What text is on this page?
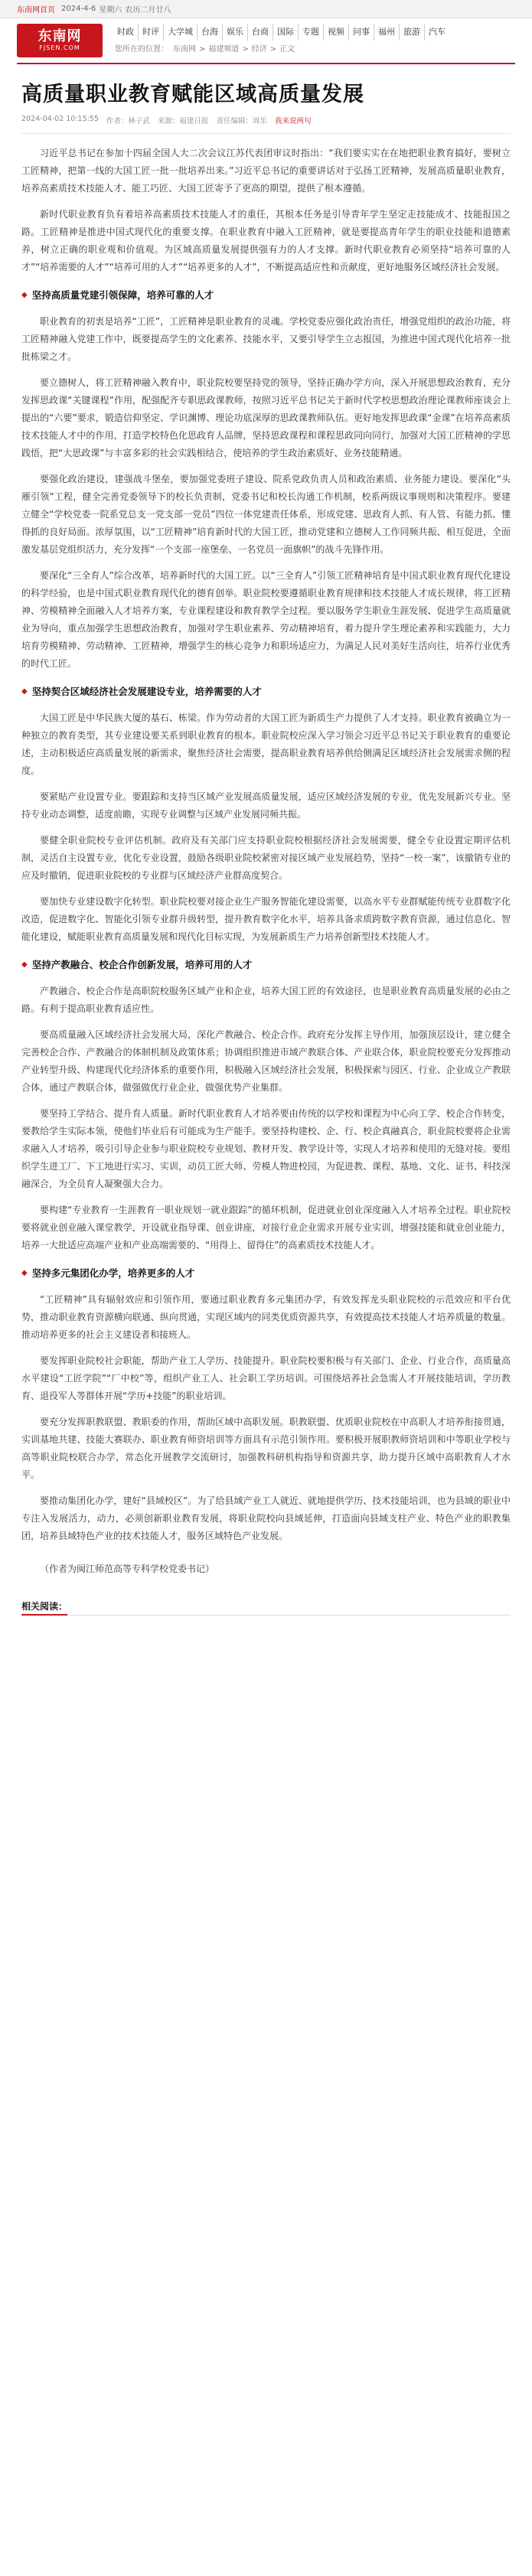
东南网首页 2024-4-6 星期六 农历二月廿八
东南网
FJSEN.COM
时政	时评	大学城	台海	娱乐	台商	国际	专题	视频	问事	福州	旅游	汽车
您所在的位置： 东南网 > 福建频道 > 经济 > 正文
高质量职业教育赋能区域高质量发展
2024-04-02 10:15:55 作者：林子武 来源：福建日报 责任编辑：周乐 我来说两句

习近平总书记在参加十四届全国人大二次会议江苏代表团审议时指出：“我们要实实在在地把职业教育搞好，要树立工匠精神，把第一线的大国工匠一批一批培养出来。”习近平总书记的重要讲话对于弘扬工匠精神，发展高质量职业教育，培养高素质技术技能人才、能工巧匠、大国工匠寄予了更高的期望，提供了根本遵循。

新时代职业教育负有着培养高素质技术技能人才的重任，其根本任务是引导青年学生坚定走技能成才、技能报国之路。工匠精神是推进中国式现代化的重要支撑。在职业教育中融入工匠精神，就是要提高青年学生的职业技能和道德素养，树立正确的职业观和价值观。为区域高质量发展提供强有力的人才支撑。新时代职业教育必须坚持“培养可靠的人才”“培养需要的人才”“培养可用的人才”“培养更多的人才”，不断提高适应性和贡献度，更好地服务区域经济社会发展。

◆ 坚持高质量党建引领保障，培养可靠的人才

职业教育的初衷是培养“工匠”，工匠精神是职业教育的灵魂。学校党委应强化政治责任，增强党组织的政治功能，将工匠精神融入党建工作中，既要提高学生的文化素养、技能水平，又要引导学生立志报国，为推进中国式现代化培养一批批栋梁之才。

要立德树人，将工匠精神融入教育中，职业院校要坚持党的领导，坚持正确办学方向，深入开展思想政治教育，充分发挥思政课“关键课程”作用，配强配齐专职思政课教师，按照习近平总书记关于新时代学校思想政治理论课教师座谈会上提出的“六要”要求，锻造信仰坚定、学识渊博、理论功底深厚的思政课教师队伍。更好地发挥思政课“金课”在培养高素质技术技能人才中的作用，打造学校特色化思政育人品牌，坚持思政课程和课程思政同向同行，加强对大国工匠精神的学思践悟，把“大思政课”与丰富多彩的社会实践相结合，使培养的学生政治素质好、业务技能精通。

要强化政治建设，建强战斗堡垒，要加强党委班子建设、院系党政负责人员和政治素质、业务能力建设。要深化“头雁引领”工程，健全完善党委领导下的校长负责制，党委书记和校长沟通工作机制，校系两级议事规则和决策程序。要建立健全“学校党委一院系党总支一党支部一党员”四位一体党建责任体系，形成党建、思政育人抓、有人管、有能力抓、懂得抓的良好局面。浓厚氛围，以“工匠精神”培育新时代的大国工匠，推动党建和立德树人工作同频共振、相互促进，全面激发基层党组织活力，充分发挥“一个支部一座堡垒、一名党员一面旗帜”的战斗先锋作用。

要深化“三全育人”综合改革，培养新时代的大国工匠。以“三全育人”引领工匠精神培育是中国式职业教育现代化建设的科学经验，也是中国式职业教育现代化的德育创举。职业院校要遵循职业教育规律和技术技能人才成长规律，将工匠精神、劳模精神全面融入人才培养方案，专业课程建设和教育教学全过程。要以服务学生职业生涯发展、促进学生高质量就业为导向，重点加强学生思想政治教育，加强对学生职业素养、劳动精神培育，着力提升学生理论素养和实践能力，大力培育劳模精神、劳动精神、工匠精神，增强学生的核心竞争力和职场适应力，为满足人民对美好生活向往，培养行业优秀的时代工匠。

◆ 坚持契合区域经济社会发展建设专业，培养需要的人才

大国工匠是中华民族大厦的基石、栋梁。作为劳动者的大国工匠为新质生产力提供了人才支持。职业教育被确立为一种独立的教育类型，其专业建设要关系到职业教育的根本。职业院校应深入学习领会习近平总书记关于职业教育的重要论述，主动积极适应高质量发展的新需求，聚焦经济社会需要，提高职业教育培养供给侧满足区域经济社会发展需求侧的程度。

要紧贴产业设置专业。要跟踪和支持当区域产业发展高质量发展，适应区域经济发展的专业，优先发展新兴专业。坚持专业动态调整，适度前瞻，实现专业调整与区域产业发展同频共振。

要健全职业院校专业评估机制。政府及有关部门应支持职业院校根据经济社会发展需要，健全专业设置定期评估机制，灵活自主设置专业，优化专业设置，鼓励各级职业院校紧密对接区域产业发展趋势，坚持“一校一案”，该撤销专业的应及时撤销，促进职业院校的专业群与区域经济产业群高度契合。

要加快专业建设数字化转型。职业院校要对接企业生产服务智能化建设需要，以高水平专业群赋能传统专业群数字化改造，促进数字化、智能化引领专业群升级转型，提升教育数字化水平，培养具备求质跨数字教育资源，通过信息化、智能化建设，赋能职业教育高质量发展和现代化目标实现，为发展新质生产力培养创新型技术技能人才。

◆ 坚持产教融合、校企合作创新发展，培养可用的人才

产教融合、校企合作是高职院校服务区域产业和企业，培养大国工匠的有效途径，也是职业教育高质量发展的必由之路。有利于提高职业教育适应性。

要高质量融入区域经济社会发展大局，深化产教融合、校企合作。政府充分发挥主导作用，加强顶层设计，建立健全完善校企合作、产教融合的体制机制及政策体系；协调组织推进市域产教联合体、产业联合体，职业院校要充分发挥推动产业转型升级、构建现代化经济体系的重要作用，积极融入区域经济社会发展，积极探索与园区、行业、企业成立产教联合体，通过产教联合体，做强做优行业企业，做强优势产业集群。

要坚持工学结合、提升育人质量。新时代职业教育人才培养要由传统的以学校和课程为中心向工学、校企合作转变，要教给学生实际本领，使他们毕业后有可能成为生产能手。要坚持构建校、企、行、校企真融真合，职业院校要将企业需求融入人才培养，吸引引导企业参与职业院校专业规划、教材开发、教学设计等，实现人才培养和使用的无缝对接。要组织学生进工厂、下工地进行实习、实训，动员工匠大师、劳模人物进校园，为促进教、课程、基地、文化、证书、科技深融深合，为全员育人凝聚强大合力。

要构建“专业教育一生涯教育一职业规划一就业跟踪”的循环机制，促进就业创业深度融入人才培养全过程。职业院校要将就业创业融入课堂教学，开设就业指导课、创业讲座，对接行业企业需求开展专业实训，增强技能和就业创业能力，培养一大批适应高端产业和产业高端需要的、“用得上、留得住”的高素质技术技能人才。

◆ 坚持多元集团化办学，培养更多的人才

“工匠精神”具有辐射效应和引领作用，要通过职业教育多元集团办学，有效发挥龙头职业院校的示范效应和平台优势，推动职业教育资源横向联通、纵向贯通，实现区域内的同类优质资源共享，有效提高技术技能人才培养质量的数量。推动培养更多的社会主义建设者和接班人。

要发挥职业院校社会职能，帮助产业工人学历、技能提升。职业院校要积极与有关部门、企业、行业合作，高质量高水平建设“工匠学院”“厂中校”等，组织产业工人、社会职工学历培训。可围绕培养社会急需人才开展技能培训，学历教育、退役军人等群体开展“学历+技能”的职业培训。

要充分发挥职教联盟、教职委的作用，帮助区域中高职发展。职教联盟、优质职业院校在中高职人才培养衔接贯通，实训基地共建、技能大赛联办、职业教育师资培训等方面具有示范引领作用。要积极开展职教师资培训和中等职业学校与高等职业院校联合办学，常态化开展教学交流研讨，加强教科研机构指导和资源共享，助力提升区域中高职教育人才水平。

要推动集团化办学，建好“县域校区”。为了给县域产业工人就近、就地提供学历、技术技能培训，也为县域的职业中专注入发展活力，动力，必须创新职业教育发展，将职业院校向县域延伸，打造面向县域支柱产业、特色产业的职教集团，培养县域特色产业的技术技能人才，服务区域特色产业发展。

（作者为闽江师范高等专科学校党委书记）

相关阅读：
